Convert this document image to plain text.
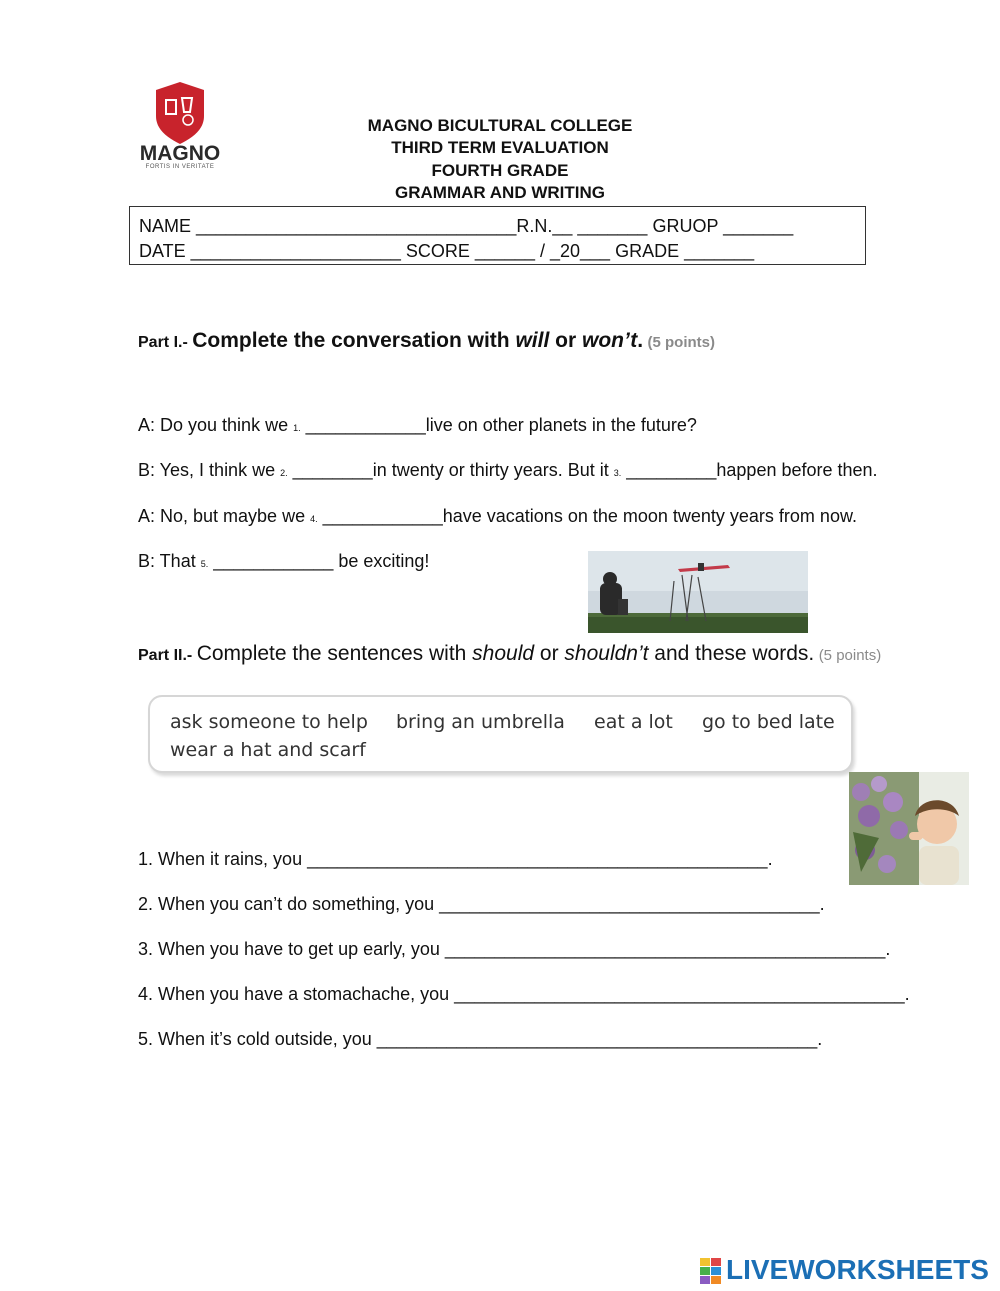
MAGNO
FORTIS IN VERITATE
MAGNO BICULTURAL COLLEGE
THIRD TERM EVALUATION
FOURTH GRADE
GRAMMAR AND WRITING
NAME ________________________________R.N.__ _______ GRUOP _______
DATE _____________________ SCORE ______ / _20___ GRADE _______
Part I.- Complete the conversation with will or won’t. (5 points)
A: Do you think we 1. ____________live on other planets in the future?
B: Yes, I think we 2. ________in twenty or thirty years. But it 3. _________happen before then.
A: No, but maybe we 4. ____________have vacations on the moon twenty years from now.
B: That 5. ____________ be exciting!
Part II.- Complete the sentences with should or shouldn’t and these words. (5 points)
ask someone to help bring an umbrella eat a lot go to bed late
wear a hat and scarf
1. When it rains, you ______________________________________________.
2. When you can’t do something, you ______________________________________.
3. When you have to get up early, you ____________________________________________.
4. When you have a stomachache, you _____________________________________________.
5. When it’s cold outside, you ____________________________________________.
LIVEWORKSHEETS
